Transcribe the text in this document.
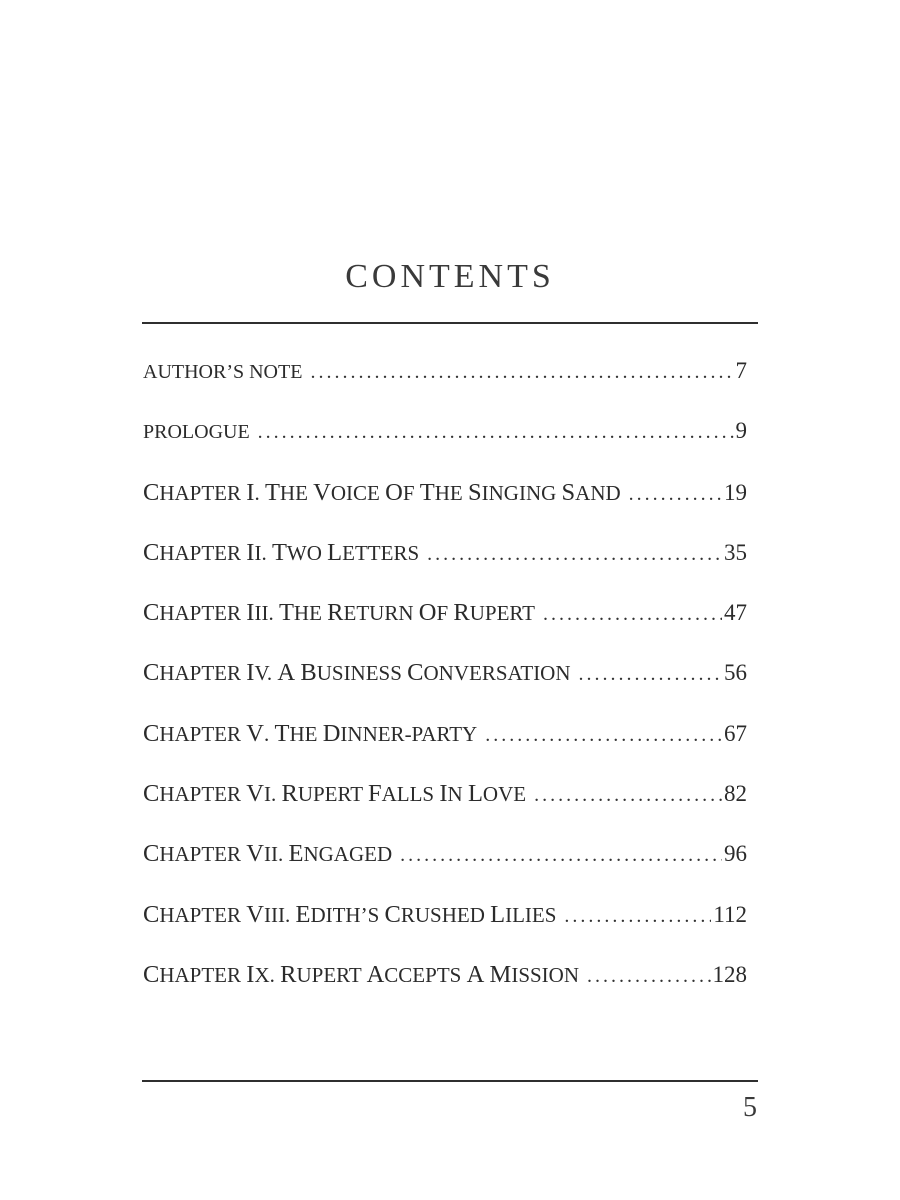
CONTENTS
AUTHOR’S NOTE .....	7
PROLOGUE .....	9
CHAPTER I. THE VOICE OF THE SINGING SAND .....	19
CHAPTER II. TWO LETTERS .....	35
CHAPTER III. THE RETURN OF RUPERT .....	47
CHAPTER IV. A BUSINESS CONVERSATION .....	56
CHAPTER V. THE DINNER-PARTY .....	67
CHAPTER VI. RUPERT FALLS IN LOVE .....	82
CHAPTER VII. ENGAGED .....	96
CHAPTER VIII. EDITH’S CRUSHED LILIES .....	112
CHAPTER IX. RUPERT ACCEPTS A MISSION .....	128
5
